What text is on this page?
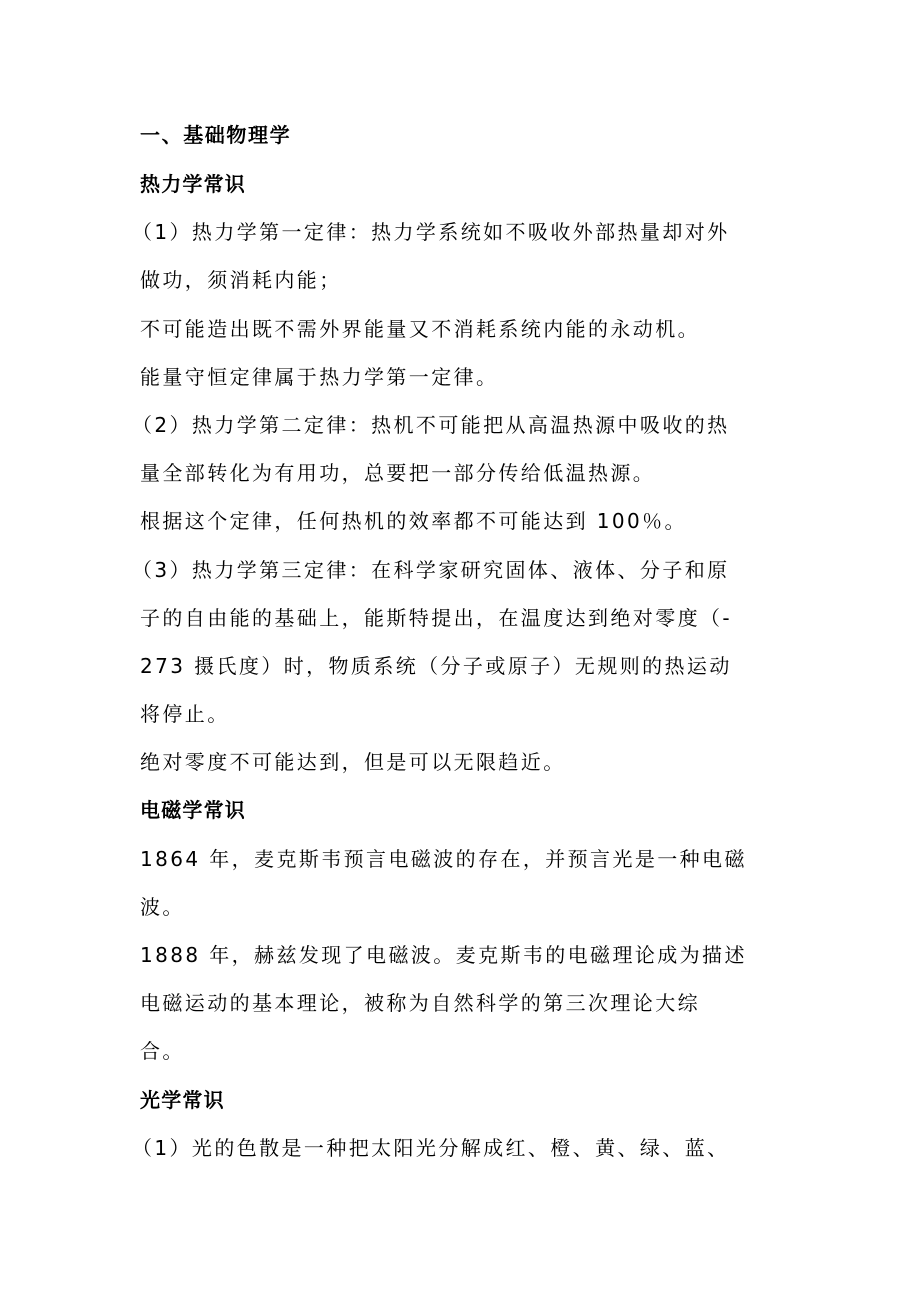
一、基础物理学
热力学常识
（1）热力学第一定律：热力学系统如不吸收外部热量却对外
做功，须消耗内能；
不可能造出既不需外界能量又不消耗系统内能的永动机。
能量守恒定律属于热力学第一定律。
（2）热力学第二定律：热机不可能把从高温热源中吸收的热
量全部转化为有用功，总要把一部分传给低温热源。
根据这个定律，任何热机的效率都不可能达到 100％。
（3）热力学第三定律：在科学家研究固体、液体、分子和原
子的自由能的基础上，能斯特提出，在温度达到绝对零度（-
273 摄氏度）时，物质系统（分子或原子）无规则的热运动
将停止。
绝对零度不可能达到，但是可以无限趋近。
电磁学常识
1864 年，麦克斯韦预言电磁波的存在，并预言光是一种电磁
波。
1888 年，赫兹发现了电磁波。麦克斯韦的电磁理论成为描述
电磁运动的基本理论，被称为自然科学的第三次理论大综
合。
光学常识
（1）光的色散是一种把太阳光分解成红、橙、黄、绿、蓝、
